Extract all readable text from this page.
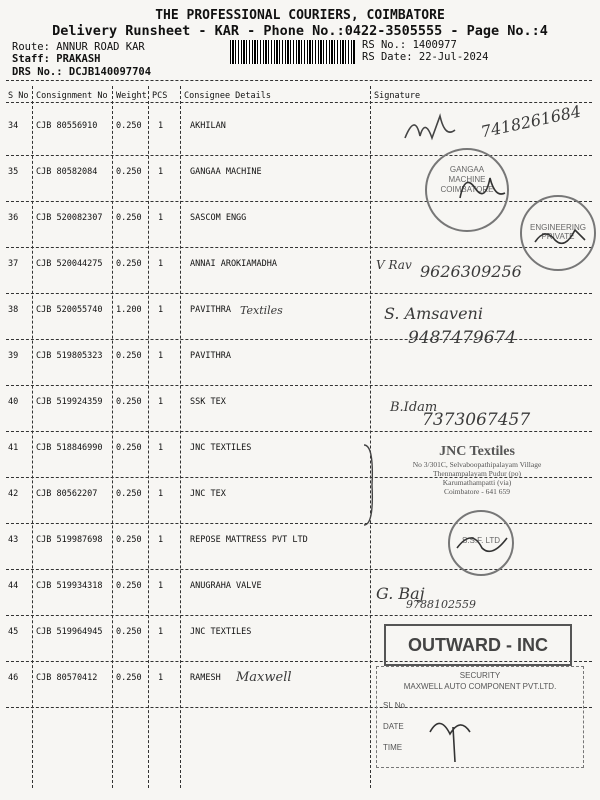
THE PROFESSIONAL COURIERS, COIMBATORE
Delivery Runsheet - KAR - Phone No.:0422-3505555 - Page No.:4
Route: ANNUR ROAD KAR
Staff: PRAKASH
DRS No.: DCJB140097704
RS No.: 1400977
RS Date: 22-Jul-2024
S No Consignment No Weight PCS Consignee Details	Signature
34 CJB 80556910 0.250 1	AKHILAN
35 CJB 80582084 0.250 1	GANGAA MACHINE
36 CJB 520082307 0.250 1	SASCOM ENGG
37 CJB 520044275 0.250 1	ANNAI AROKIAMADHA
38 CJB 520055740 1.200 1	PAVITHRA
39 CJB 519805323 0.250 1	PAVITHRA
40 CJB 519924359 0.250 1	SSK TEX
41 CJB 518846990 0.250 1	JNC TEXTILES
42 CJB 80562207 0.250 1	JNC TEX
43 CJB 519987698 0.250 1	REPOSE MATTRESS PVT LTD
44 CJB 519934318 0.250 1	ANUGRAHA VALVE
45 CJB 519964945 0.250 1	JNC TEXTILES
46 CJB 80570412 0.250 1	RAMESH
7418261684
GANGAA MACHINE COIMBATORE
ENGINEERING PRIVATE
V Rav 9626309256
Textiles	S. Amsaveni
9487479674
B.Idam
7373067457
JNC Textiles
No 3/301C, Selvaboopathipalayam Village
Thennampalayam Pudur (po)
Karumathampatti (via)
Coimbatore - 641 659
S.S.F. LTD
G. Baj
9788102559
OUTWARD - INC
Maxwell	SECURITY
MAXWELL AUTO COMPONENT PVT.LTD.
SL No.
DATE
TIME
